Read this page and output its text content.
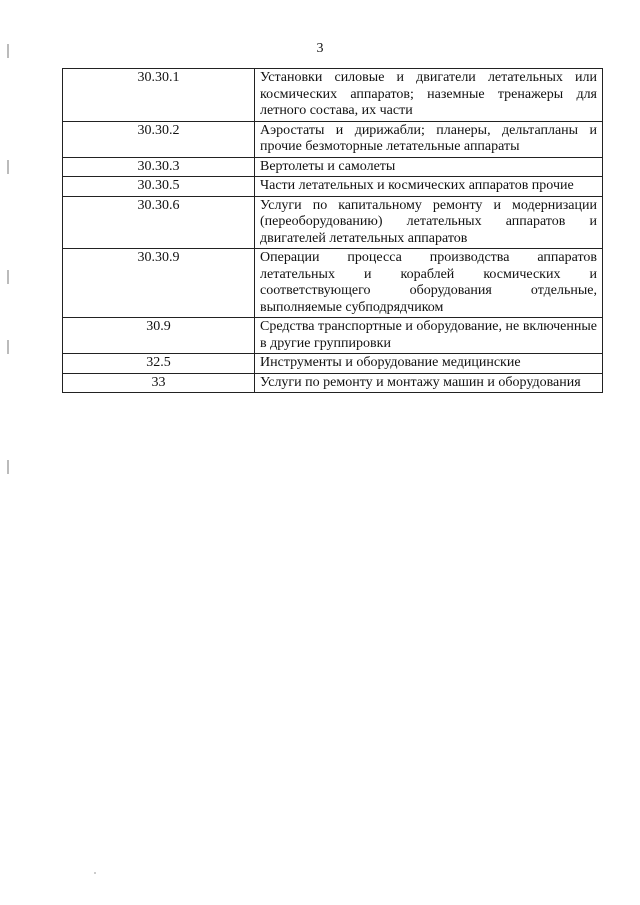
3
30.30.1	Установки силовые и двигатели летательных или космических аппаратов; наземные тренажеры для летного состава, их части
30.30.2	Аэростаты и дирижабли; планеры, дельтапланы и прочие безмоторные летательные аппараты
30.30.3	Вертолеты и самолеты
30.30.5	Части летательных и космических аппаратов прочие
30.30.6	Услуги по капитальному ремонту и модернизации (переоборудованию) летательных аппаратов и двигателей летательных аппаратов
30.30.9	Операции процесса производства аппаратов летательных и кораблей космических и соответствующего оборудования отдельные, выполняемые субподрядчиком
30.9	Средства транспортные и оборудование, не включенные в другие группировки
32.5	Инструменты и оборудование медицинские
33	Услуги по ремонту и монтажу машин и оборудования
